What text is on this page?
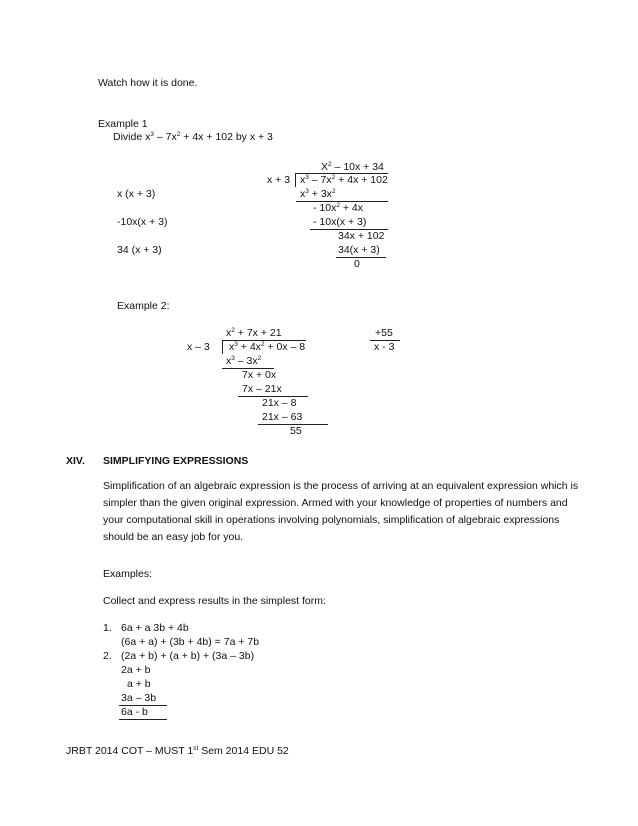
Watch how it is done.
Example 1
Divide $x^3 - 7x^2 + 4x + 102$ by x + 3
$X^2 - 10x + 34$
x + 3 $x^3 - 7x^2 + 4x + 102$
x (x + 3)	$x^3 + 3x^2$
- $10x^2 + 4x$
-10x(x + 3)	- 10x(x + 3)
34x + 102
34 (x + 3)	34(x + 3)
0
Example 2:
$x^2 + 7x + 21$	+55
x - 3
x – 3 $x^3 + 4x^2 + 0x - 8$
$x^3 - 3x^2$
7x + 0x
7x – 21x
21x – 8
21x – 63
55
XIV. SIMPLIFYING EXPRESSIONS
Simplification of an algebraic expression is the process of arriving at an equivalent expression which is simpler than the given original expression. Armed with your knowledge of properties of numbers and your computational skill in operations involving polynomials, simplification of algebraic expressions should be an easy job for you.
Examples:
Collect and express results in the simplest form:
1. 6a + a 3b + 4b
(6a + a) + (3b + 4b) = 7a + 7b
2. (2a + b) + (a + b) + (3a – 3b)
2a + b
a + b
3a – 3b
6a - b
JRBT 2014 COT – MUST 1st Sem 2014 EDU 52
